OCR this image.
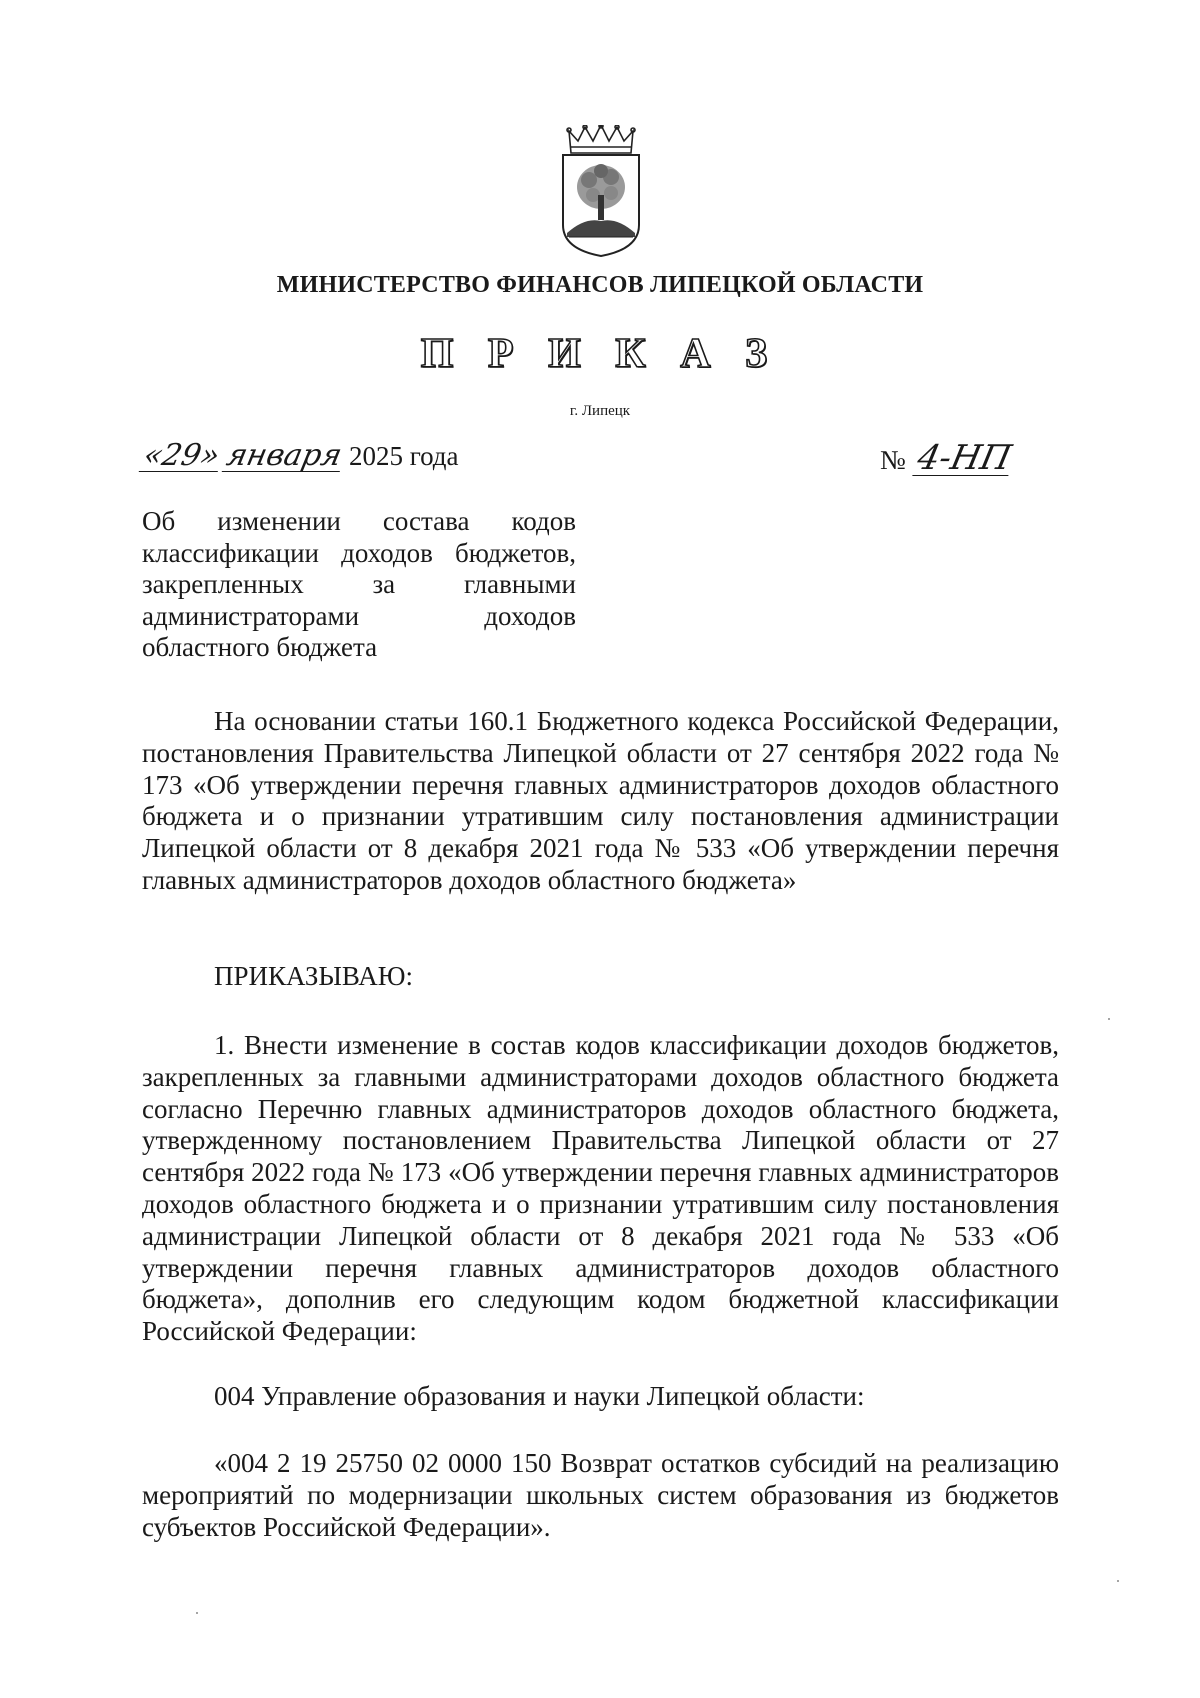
МИНИСТЕРСТВО ФИНАНСОВ ЛИПЕЦКОЙ ОБЛАСТИ
П Р И К А З
г. Липецк
«29» января 2025 года	№ 4-НП
Об изменении состава кодов классификации доходов бюджетов, закрепленных за главными администраторами доходов областного бюджета
На основании статьи 160.1 Бюджетного кодекса Российской Федерации, постановления Правительства Липецкой области от 27 сентября 2022 года № 173 «Об утверждении перечня главных администраторов доходов областного бюджета и о признании утратившим силу постановления администрации Липецкой области от 8 декабря 2021 года № 533 «Об утверждении перечня главных администраторов доходов областного бюджета»
ПРИКАЗЫВАЮ:
1. Внести изменение в состав кодов классификации доходов бюджетов, закрепленных за главными администраторами доходов областного бюджета согласно Перечню главных администраторов доходов областного бюджета, утвержденному постановлением Правительства Липецкой области от 27 сентября 2022 года № 173 «Об утверждении перечня главных администраторов доходов областного бюджета и о признании утратившим силу постановления администрации Липецкой области от 8 декабря 2021 года № 533 «Об утверждении перечня главных администраторов доходов областного бюджета», дополнив его следующим кодом бюджетной классификации Российской Федерации:
004 Управление образования и науки Липецкой области:
«004 2 19 25750 02 0000 150 Возврат остатков субсидий на реализацию мероприятий по модернизации школьных систем образования из бюджетов субъектов Российской Федерации».
